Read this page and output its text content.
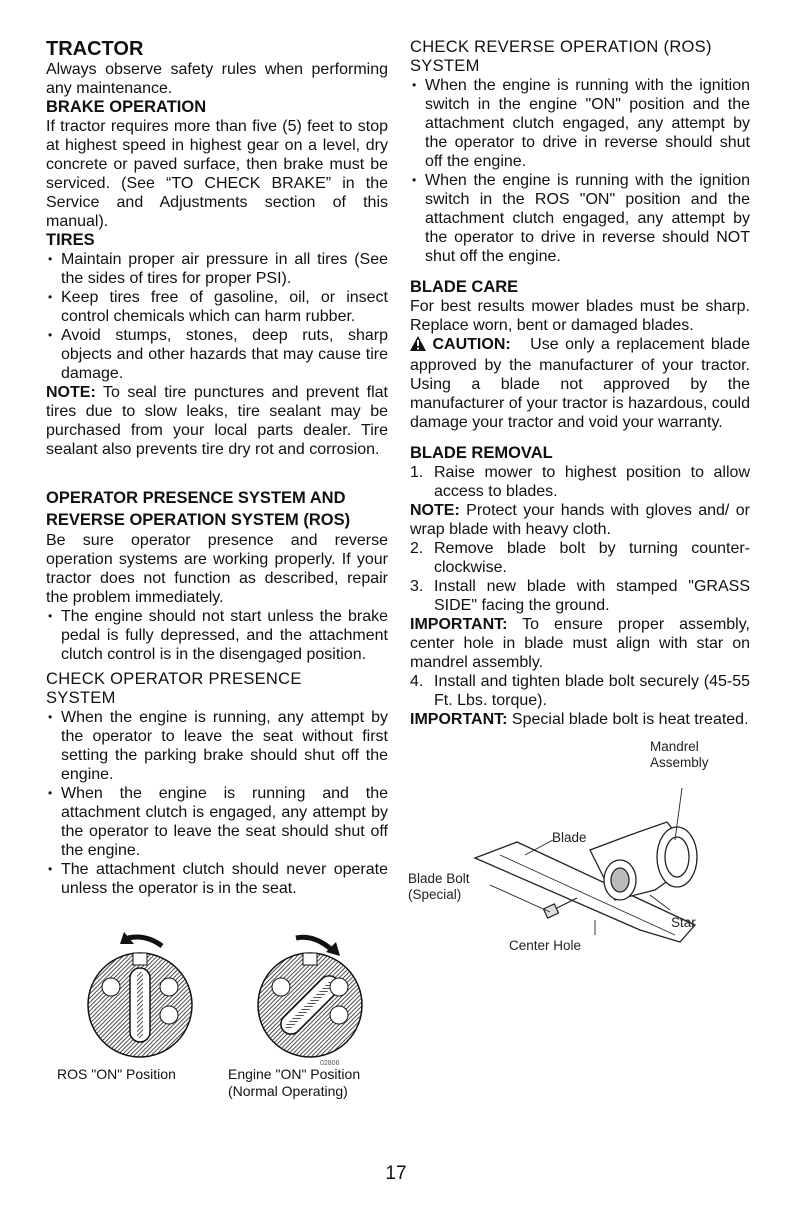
TRACTOR

Always observe safety rules when performing any maintenance.

BRAKE OPERATION

If tractor requires more than five (5) feet to stop at highest speed in highest gear on a level, dry concrete or paved surface, then brake must be serviced. (See “TO CHECK BRAKE” in the Service and Adjustments section of this manual).

TIRES
• Maintain proper air pressure in all tires (See the sides of tires for proper PSI).
• Keep tires free of gasoline, oil, or insect control chemicals which can harm rubber.
• Avoid stumps, stones, deep ruts, sharp objects and other hazards that may cause tire damage.

NOTE: To seal tire punctures and prevent flat tires due to slow leaks, tire sealant may be purchased from your local parts dealer. Tire sealant also prevents tire dry rot and corrosion.

OPERATOR PRESENCE SYSTEM AND REVERSE OPERATION SYSTEM (ROS)

Be sure operator presence and reverse operation systems are working properly. If your tractor does not function as described, repair the problem immediately.

• The engine should not start unless the brake pedal is fully depressed, and the attachment clutch control is in the disengaged position.
CHECK OPERATOR PRESENCE SYSTEM
• When the engine is running, any attempt by the operator to leave the seat without first setting the parking brake should shut off the engine.
• When the engine is running and the attachment clutch is engaged, any attempt by the operator to leave the seat should shut off the engine.
• The attachment clutch should never operate unless the operator is in the seat.
CHECK REVERSE OPERATION (ROS) SYSTEM
• When the engine is running with the ignition switch in the engine "ON" position and the attachment clutch engaged, any attempt by the operator to drive in reverse should shut off the engine.
• When the engine is running with the ignition switch in the ROS "ON" position and the attachment clutch engaged, any attempt by the operator to drive in reverse should NOT shut off the engine.
BLADE CARE

For best results mower blades must be sharp. Replace worn, bent or damaged blades.

CAUTION: Use only a replacement blade approved by the manufacturer of your tractor. Using a blade not approved by the manufacturer of your tractor is hazardous, could damage your tractor and void your warranty.

BLADE REMOVAL
1. Raise mower to highest position to allow access to blades.

NOTE: Protect your hands with gloves and/ or wrap blade with heavy cloth.

2. Remove blade bolt by turning counter-clockwise.
3. Install new blade with stamped "GRASS SIDE" facing the ground.

IMPORTANT: To ensure proper assembly, center hole in blade must align with star on mandrel assembly.

4. Install and tighten blade bolt securely (45-55 Ft. Lbs. torque).

IMPORTANT: Special blade bolt is heat treated.

Mandrel
Assembly
Blade
Blade Bolt
(Special)
Star
Center Hole
02806
ROS "ON" Position	Engine "ON" Position
(Normal Operating)
17
